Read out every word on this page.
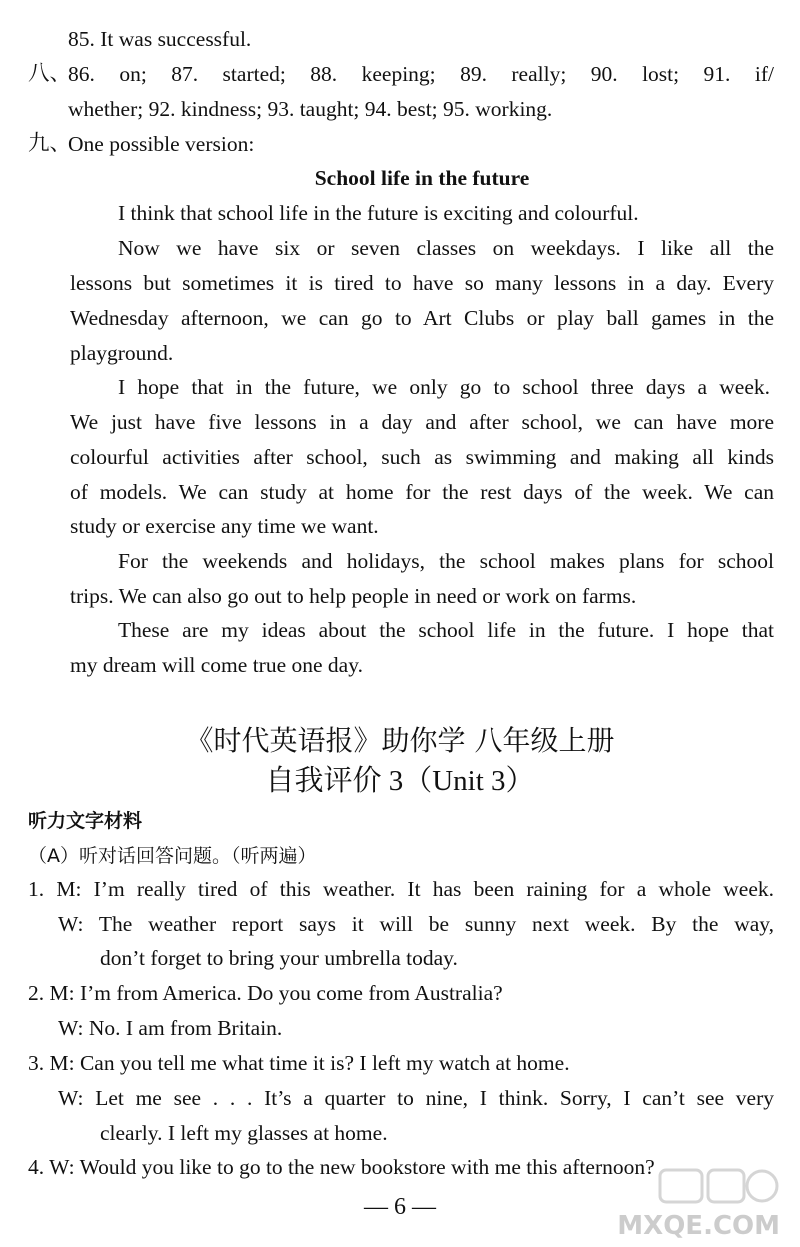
85. It was successful.
八、
86. on; 87. started; 88. keeping; 89. really; 90. lost; 91. if/
whether; 92. kindness; 93. taught; 94. best; 95. working.
九、
One possible version:
School life in the future
I think that school life in the future is exciting and colourful.
Now we have six or seven classes on weekdays. I like all the
lessons but sometimes it is tired to have so many lessons in a day. Every
Wednesday afternoon, we can go to Art Clubs or play ball games in the
playground.
I hope that in the future, we only go to school three days a week.
We just have five lessons in a day and after school, we can have more
colourful activities after school, such as swimming and making all kinds
of models. We can study at home for the rest days of the week. We can
study or exercise any time we want.
For the weekends and holidays, the school makes plans for school
trips. We can also go out to help people in need or work on farms.
These are my ideas about the school life in the future. I hope that
my dream will come true one day.
《时代英语报》助你学 八年级上册
自我评价 3（Unit 3）
听力文字材料
（A）听对话回答问题。（听两遍）
1. M: I’m really tired of this weather. It has been raining for a whole week.
W: The weather report says it will be sunny next week. By the way,
don’t forget to bring your umbrella today.
2. M: I’m from America. Do you come from Australia?
W: No. I am from Britain.
3. M: Can you tell me what time it is? I left my watch at home.
W: Let me see . . . It’s a quarter to nine, I think. Sorry, I can’t see very
clearly. I left my glasses at home.
4. W: Would you like to go to the new bookstore with me this afternoon?
— 6 —
MXQE.COM
